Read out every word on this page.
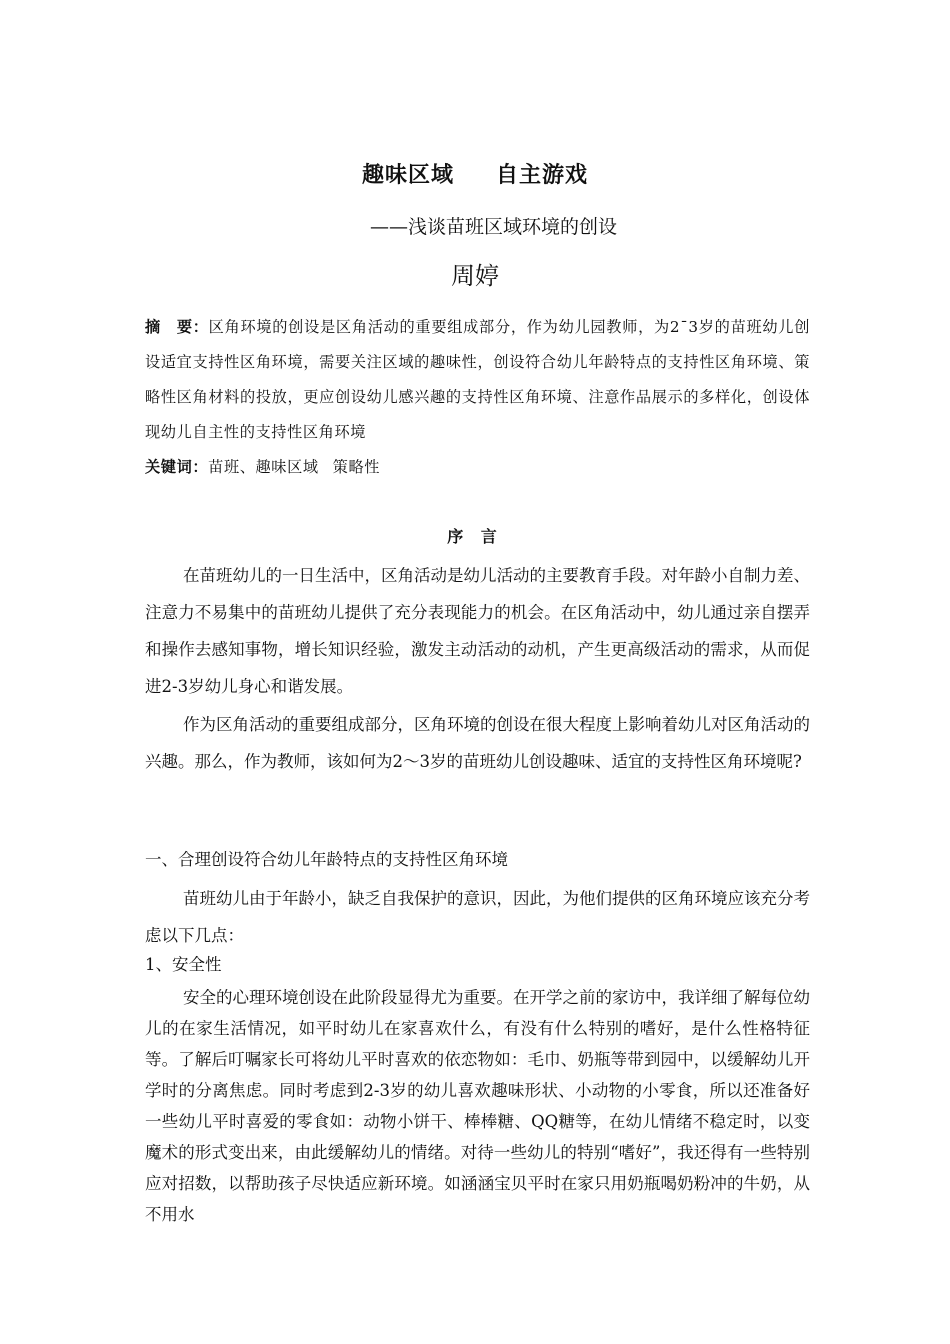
趣味区域 自主游戏
——浅谈苗班区域环境的创设
周婷
摘　要：区角环境的创设是区角活动的重要组成部分，作为幼儿园教师，为2¯3岁的苗班幼儿创设适宜支持性区角环境，需要关注区域的趣味性，创设符合幼儿年龄特点的支持性区角环境、策略性区角材料的投放，更应创设幼儿感兴趣的支持性区角环境、注意作品展示的多样化，创设体现幼儿自主性的支持性区角环境
关键词：苗班、趣味区域 策略性
序 言

在苗班幼儿的一日生活中，区角活动是幼儿活动的主要教育手段。对年龄小自制力差、注意力不易集中的苗班幼儿提供了充分表现能力的机会。在区角活动中，幼儿通过亲自摆弄和操作去感知事物，增长知识经验，激发主动活动的动机，产生更高级活动的需求，从而促进2-3岁幼儿身心和谐发展。

作为区角活动的重要组成部分，区角环境的创设在很大程度上影响着幼儿对区角活动的兴趣。那么，作为教师，该如何为2～3岁的苗班幼儿创设趣味、适宜的支持性区角环境呢?

一、合理创设符合幼儿年龄特点的支持性区角环境

苗班幼儿由于年龄小，缺乏自我保护的意识，因此，为他们提供的区角环境应该充分考虑以下几点：

1、安全性

安全的心理环境创设在此阶段显得尤为重要。在开学之前的家访中，我详细了解每位幼儿的在家生活情况，如平时幼儿在家喜欢什么，有没有什么特别的嗜好，是什么性格特征等。了解后叮嘱家长可将幼儿平时喜欢的依恋物如：毛巾、奶瓶等带到园中，以缓解幼儿开学时的分离焦虑。同时考虑到2-3岁的幼儿喜欢趣味形状、小动物的小零食，所以还准备好一些幼儿平时喜爱的零食如：动物小饼干、棒棒糖、QQ糖等，在幼儿情绪不稳定时，以变魔术的形式变出来，由此缓解幼儿的情绪。对待一些幼儿的特别“嗜好”，我还得有一些特别应对招数，以帮助孩子尽快适应新环境。如涵涵宝贝平时在家只用奶瓶喝奶粉冲的牛奶，从不用水
